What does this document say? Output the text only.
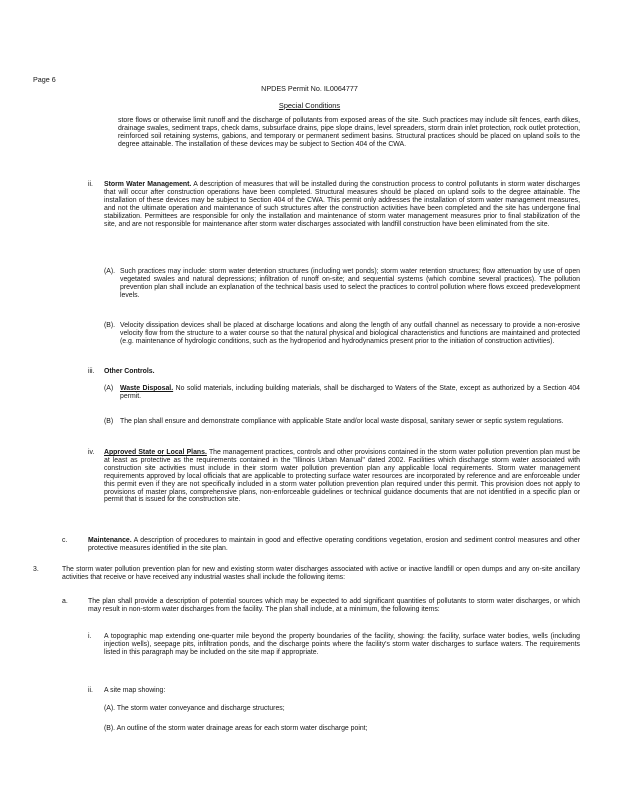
Page 6
NPDES Permit No. IL0064777
Special Conditions

store flows or otherwise limit runoff and the discharge of pollutants from exposed areas of the site. Such practices may include silt fences, earth dikes, drainage swales, sediment traps, check dams, subsurface drains, pipe slope drains, level spreaders, storm drain inlet protection, rock outlet protection, reinforced soil retaining systems, gabions, and temporary or permanent sediment basins. Structural practices should be placed on upland soils to the degree attainable. The installation of these devices may be subject to Section 404 of the CWA.

ii. Storm Water Management. A description of measures that will be installed during the construction process to control pollutants in storm water discharges that will occur after construction operations have been completed. Structural measures should be placed on upland soils to the degree attainable. The installation of these devices may be subject to Section 404 of the CWA. This permit only addresses the installation of storm water management measures, and not the ultimate operation and maintenance of such structures after the construction activities have been completed and the site has undergone final stabilization. Permittees are responsible for only the installation and maintenance of storm water management measures prior to final stabilization of the site, and are not responsible for maintenance after storm water discharges associated with landfill construction have been eliminated from the site.

(A). Such practices may include: storm water detention structures (including wet ponds); storm water retention structures; flow attenuation by use of open vegetated swales and natural depressions; infiltration of runoff on-site; and sequential systems (which combine several practices). The pollution prevention plan shall include an explanation of the technical basis used to select the practices to control pollution where flows exceed predevelopment levels.

(B). Velocity dissipation devices shall be placed at discharge locations and along the length of any outfall channel as necessary to provide a non-erosive velocity flow from the structure to a water course so that the natural physical and biological characteristics and functions are maintained and protected (e.g. maintenance of hydrologic conditions, such as the hydroperiod and hydrodynamics present prior to the initiation of construction activities).

iii. Other Controls.

(A) Waste Disposal. No solid materials, including building materials, shall be discharged to Waters of the State, except as authorized by a Section 404 permit.

(B) The plan shall ensure and demonstrate compliance with applicable State and/or local waste disposal, sanitary sewer or septic system regulations.

iv. Approved State or Local Plans. The management practices, controls and other provisions contained in the storm water pollution prevention plan must be at least as protective as the requirements contained in the "Illinois Urban Manual" dated 2002. Facilities which discharge storm water associated with construction site activities must include in their storm water pollution prevention plan any applicable local requirements. Storm water management requirements approved by local officials that are applicable to protecting surface water resources are incorporated by reference and are enforceable under this permit even if they are not specifically included in a storm water pollution prevention plan required under this permit. This provision does not apply to provisions of master plans, comprehensive plans, non-enforceable guidelines or technical guidance documents that are not identified in a specific plan or permit that is issued for the construction site.

c.	Maintenance. A description of procedures to maintain in good and effective operating conditions vegetation, erosion and sediment control measures and other protective measures identified in the site plan.

3.	The storm water pollution prevention plan for new and existing storm water discharges associated with active or inactive landfill or open dumps and any on-site ancillary activities that receive or have received any industrial wastes shall include the following items:

a.	The plan shall provide a description of potential sources which may be expected to add significant quantities of pollutants to storm water discharges, or which may result in non-storm water discharges from the facility. The plan shall include, at a minimum, the following items:

i. A topographic map extending one-quarter mile beyond the property boundaries of the facility, showing: the facility, surface water bodies, wells (including injection wells), seepage pits, infiltration ponds, and the discharge points where the facility's storm water discharges to surface waters. The requirements listed in this paragraph may be included on the site map if appropriate.

ii. A site map showing:

(A). The storm water conveyance and discharge structures;

(B). An outline of the storm water drainage areas for each storm water discharge point;
